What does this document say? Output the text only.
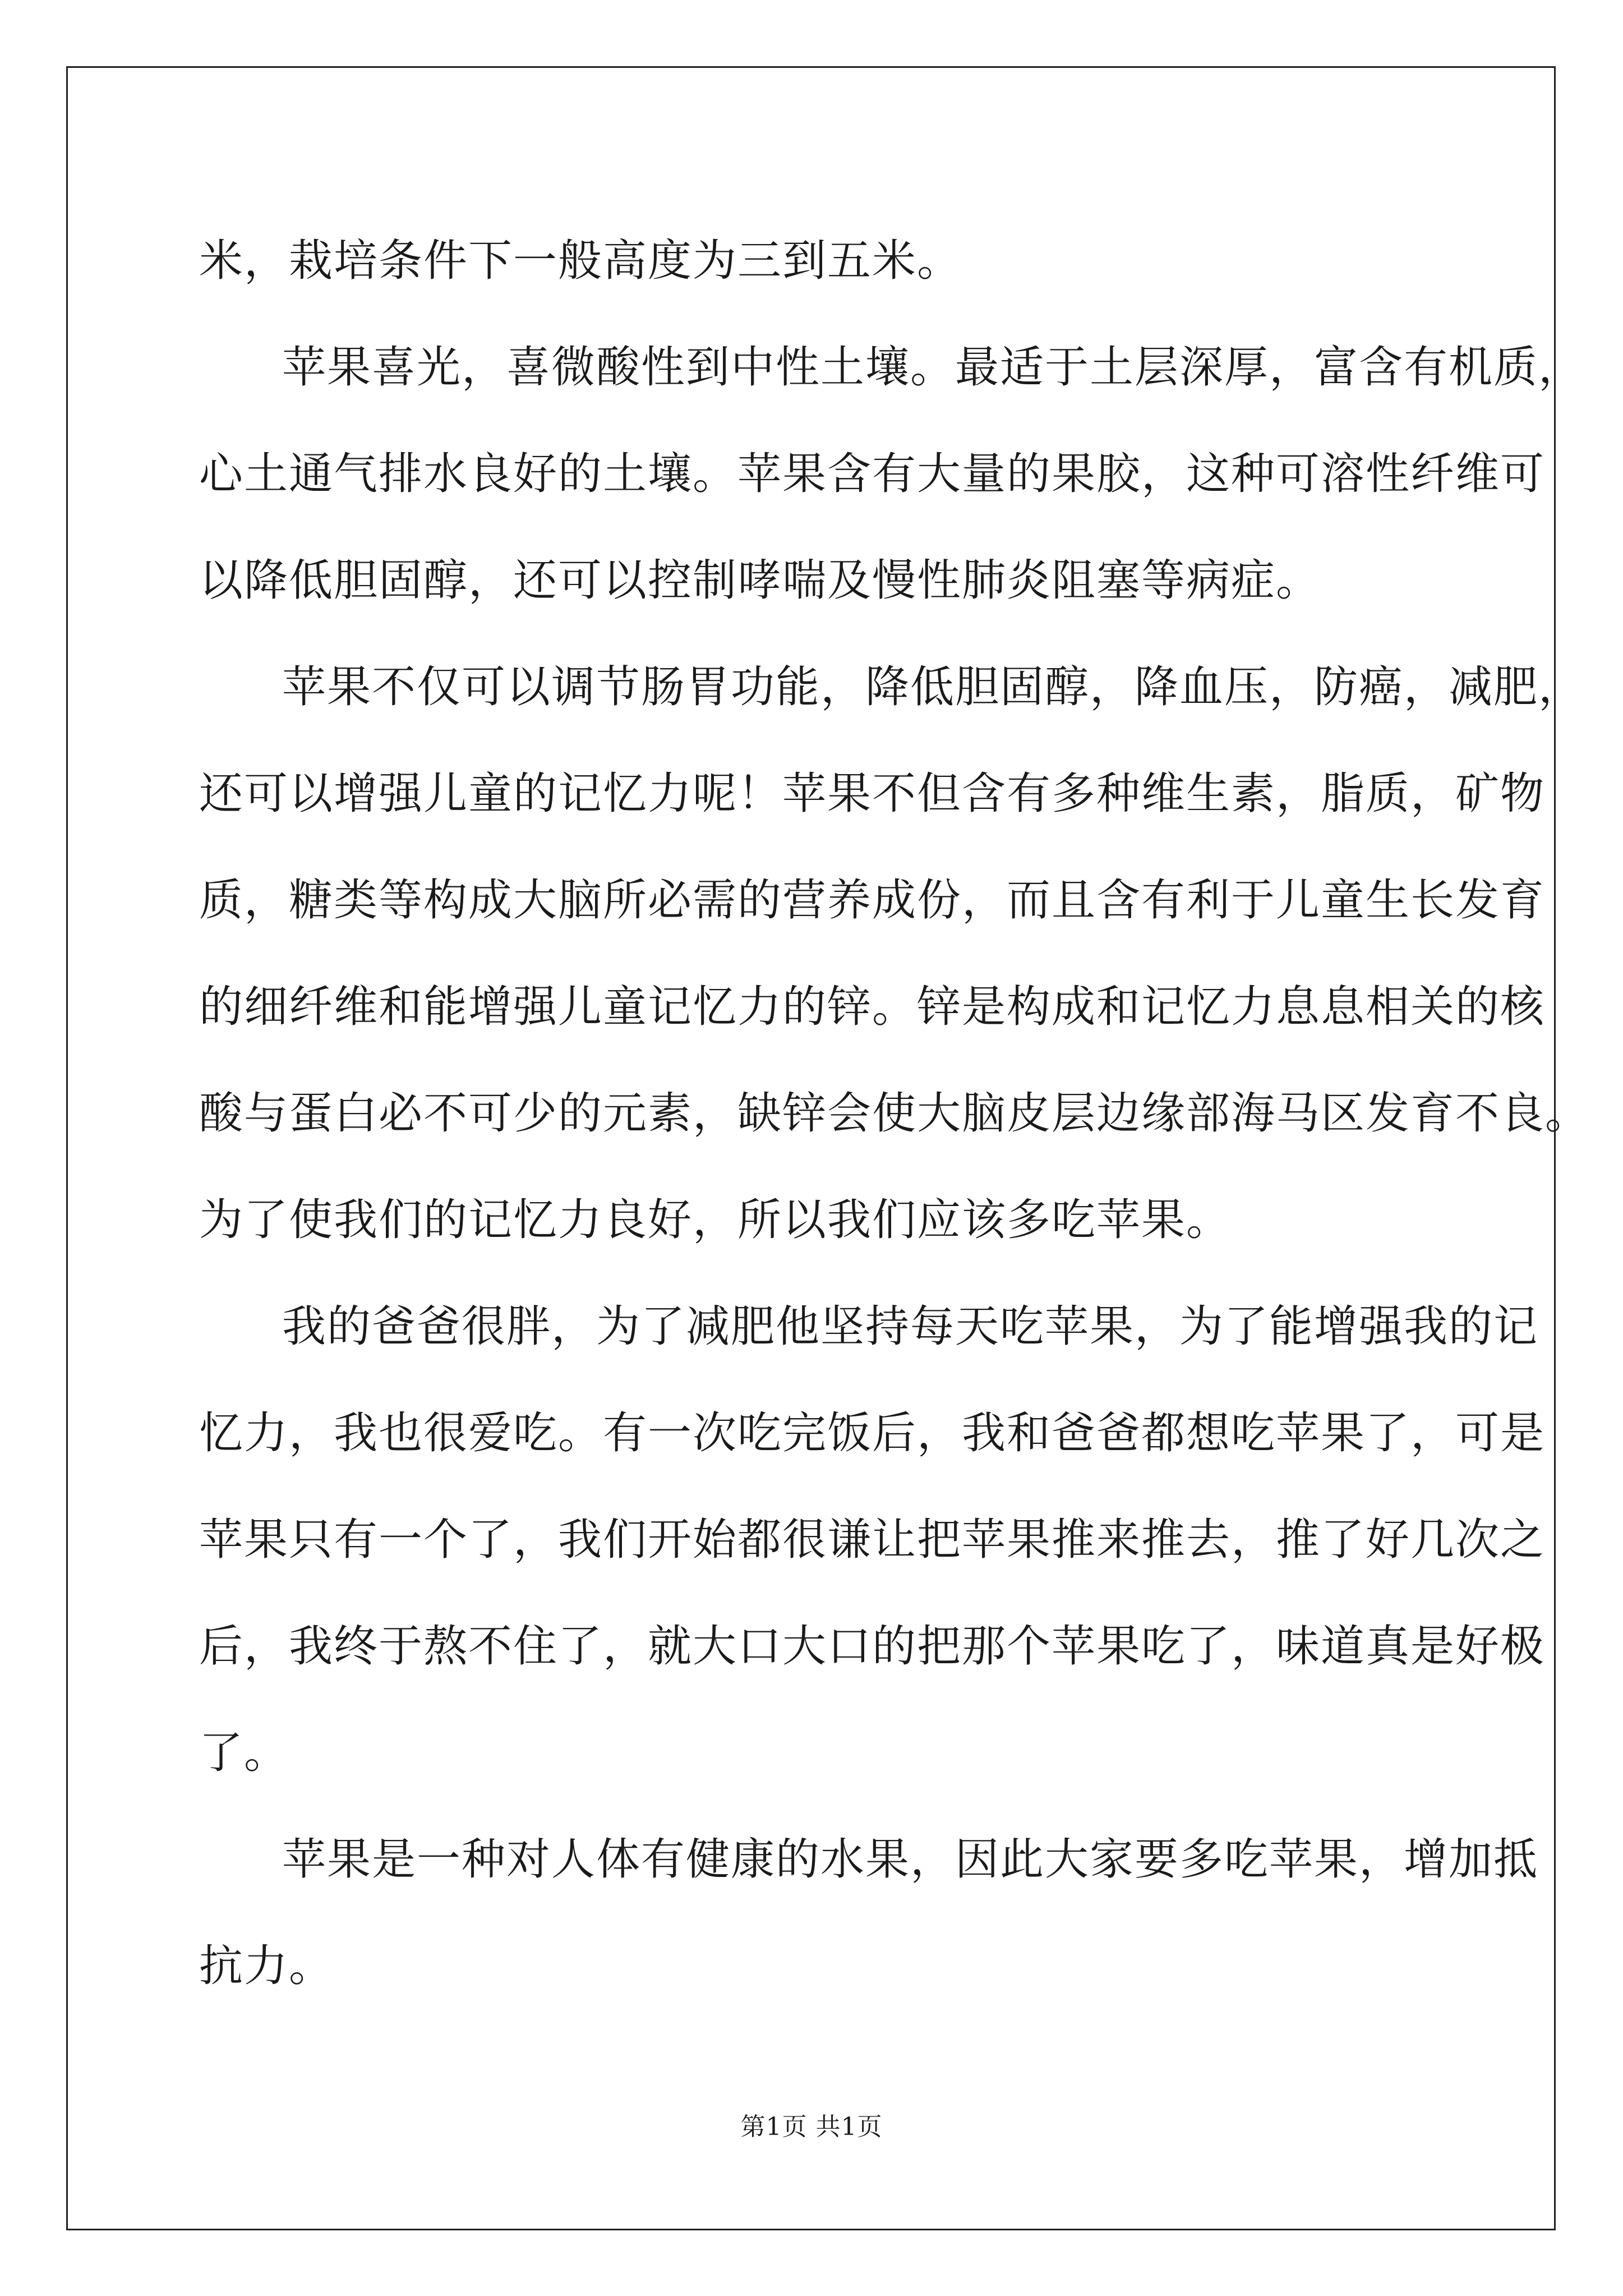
米，栽培条件下一般高度为三到五米。

苹果喜光，喜微酸性到中性土壤。最适于土层深厚，富含有机质，

心土通气排水良好的土壤。苹果含有大量的果胶，这种可溶性纤维可

以降低胆固醇，还可以控制哮喘及慢性肺炎阻塞等病症。

苹果不仅可以调节肠胃功能，降低胆固醇，降血压，防癌，减肥，

还可以增强儿童的记忆力呢！苹果不但含有多种维生素，脂质，矿物

质，糖类等构成大脑所必需的营养成份，而且含有利于儿童生长发育

的细纤维和能增强儿童记忆力的锌。锌是构成和记忆力息息相关的核

酸与蛋白必不可少的元素，缺锌会使大脑皮层边缘部海马区发育不良。

为了使我们的记忆力良好，所以我们应该多吃苹果。

我的爸爸很胖，为了减肥他坚持每天吃苹果，为了能增强我的记

忆力，我也很爱吃。有一次吃完饭后，我和爸爸都想吃苹果了，可是

苹果只有一个了，我们开始都很谦让把苹果推来推去，推了好几次之

后，我终于熬不住了，就大口大口的把那个苹果吃了，味道真是好极

了。

苹果是一种对人体有健康的水果，因此大家要多吃苹果，增加抵

抗力。

第1页 共1页
